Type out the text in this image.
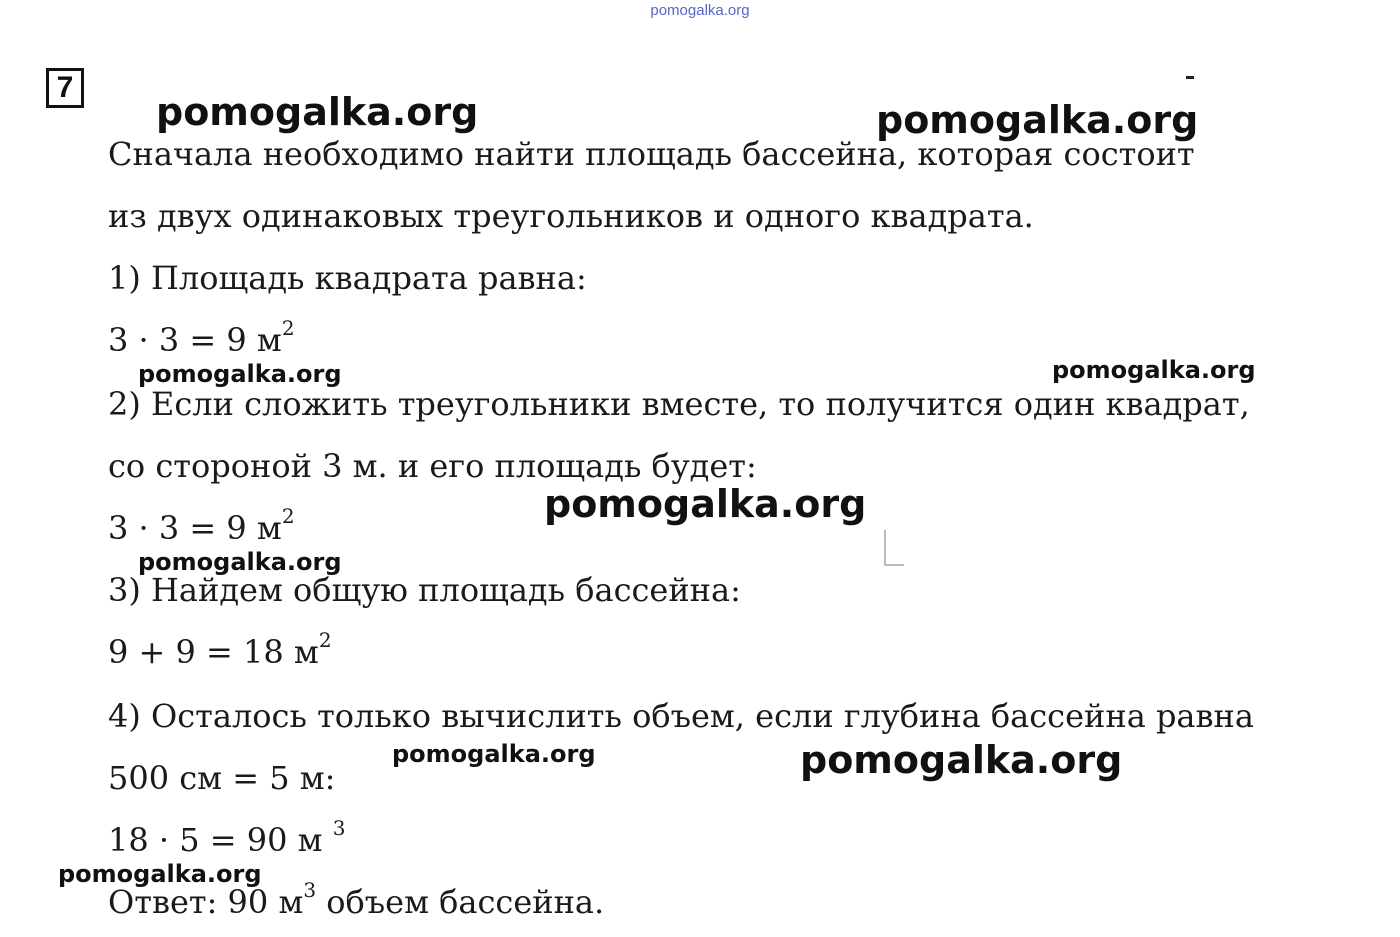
pomogalka.org
7
Сначала необходимо найти площадь бассейна, которая состоит
из двух одинаковых треугольников и одного квадрата.
1) Площадь квадрата равна:
3 · 3 = 9 $м^2$
2) Если сложить треугольники вместе, то получится один квадрат,
со стороной 3 м. и его площадь будет:
3 · 3 = 9 $м^2$
3) Найдем общую площадь бассейна:
9 + 9 = 18 $м^2$
4) Осталось только вычислить объем, если глубина бассейна равна
500 см = 5 м:
18 · 5 = 90 м $^3$
Ответ: 90 $м^3$ объем бассейна.
pomogalka.org	pomogalka.org
pomogalka.org	pomogalka.org
pomogalka.org
pomogalka.org
pomogalka.org	pomogalka.org
pomogalka.org
